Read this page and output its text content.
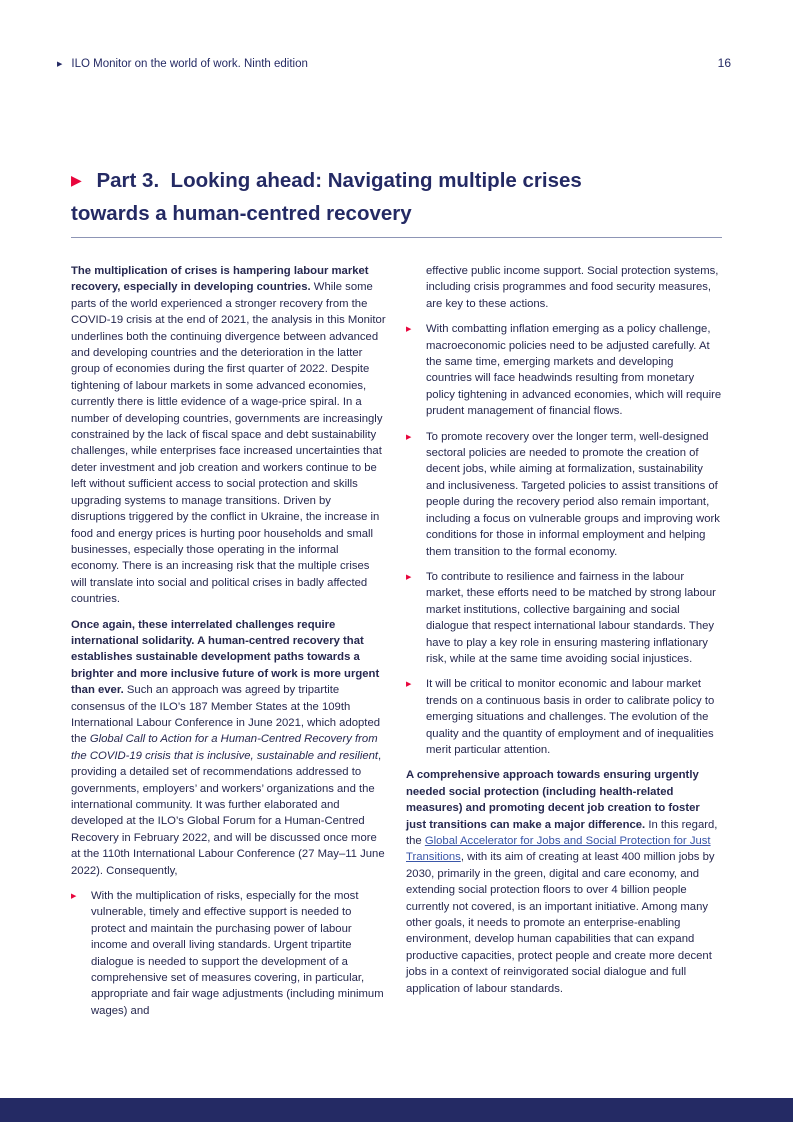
▶ ILO Monitor on the world of work. Ninth edition	16
▶ Part 3.  Looking ahead: Navigating multiple crises
towards a human-centred recovery
The multiplication of crises is hampering labour market recovery, especially in developing countries. While some parts of the world experienced a stronger recovery from the COVID-19 crisis at the end of 2021, the analysis in this Monitor underlines both the continuing divergence between advanced and developing countries and the deterioration in the latter group of economies during the first quarter of 2022. Despite tightening of labour markets in some advanced economies, currently there is little evidence of a wage-price spiral. In a number of developing countries, governments are increasingly constrained by the lack of fiscal space and debt sustainability challenges, while enterprises face increased uncertainties that deter investment and job creation and workers continue to be left without sufficient access to social protection and skills upgrading systems to manage transitions. Driven by disruptions triggered by the conflict in Ukraine, the increase in food and energy prices is hurting poor households and small businesses, especially those operating in the informal economy. There is an increasing risk that the multiple crises will translate into social and political crises in badly affected countries.
Once again, these interrelated challenges require international solidarity. A human-centred recovery that establishes sustainable development paths towards a brighter and more inclusive future of work is more urgent than ever. Such an approach was agreed by tripartite consensus of the ILO’s 187 Member States at the 109th International Labour Conference in June 2021, which adopted the Global Call to Action for a Human-Centred Recovery from the COVID-19 crisis that is inclusive, sustainable and resilient, providing a detailed set of recommendations addressed to governments, employers’ and workers’ organizations and the international community. It was further elaborated and developed at the ILO’s Global Forum for a Human-Centred Recovery in February 2022, and will be discussed once more at the 110th International Labour Conference (27 May–11 June 2022). Consequently,
▶	With the multiplication of risks, especially for the most vulnerable, timely and effective support is needed to protect and maintain the purchasing power of labour income and overall living standards. Urgent tripartite dialogue is needed to support the development of a comprehensive set of measures covering, in particular, appropriate and fair wage adjustments (including minimum wages) and
effective public income support. Social protection systems, including crisis programmes and food security measures, are key to these actions.
▶	With combatting inflation emerging as a policy challenge, macroeconomic policies need to be adjusted carefully. At the same time, emerging markets and developing countries will face headwinds resulting from monetary policy tightening in advanced economies, which will require prudent management of financial flows.
▶	To promote recovery over the longer term, well-designed sectoral policies are needed to promote the creation of decent jobs, while aiming at formalization, sustainability and inclusiveness. Targeted policies to assist transitions of people during the recovery period also remain important, including a focus on vulnerable groups and improving work conditions for those in informal employment and helping them transition to the formal economy.
▶	To contribute to resilience and fairness in the labour market, these efforts need to be matched by strong labour market institutions, collective bargaining and social dialogue that respect international labour standards. They have to play a key role in ensuring mastering inflationary risk, while at the same time avoiding social injustices.
▶	It will be critical to monitor economic and labour market trends on a continuous basis in order to calibrate policy to emerging situations and challenges. The evolution of the quality and the quantity of employment and of inequalities merit particular attention.
A comprehensive approach towards ensuring urgently needed social protection (including health-related measures) and promoting decent job creation to foster just transitions can make a major difference. In this regard, the Global Accelerator for Jobs and Social Protection for Just Transitions, with its aim of creating at least 400 million jobs by 2030, primarily in the green, digital and care economy, and extending social protection floors to over 4 billion people currently not covered, is an important initiative. Among many other goals, it needs to promote an enterprise-enabling environment, develop human capabilities that can expand productive capacities, protect people and create more decent jobs in a context of reinvigorated social dialogue and full application of labour standards.
